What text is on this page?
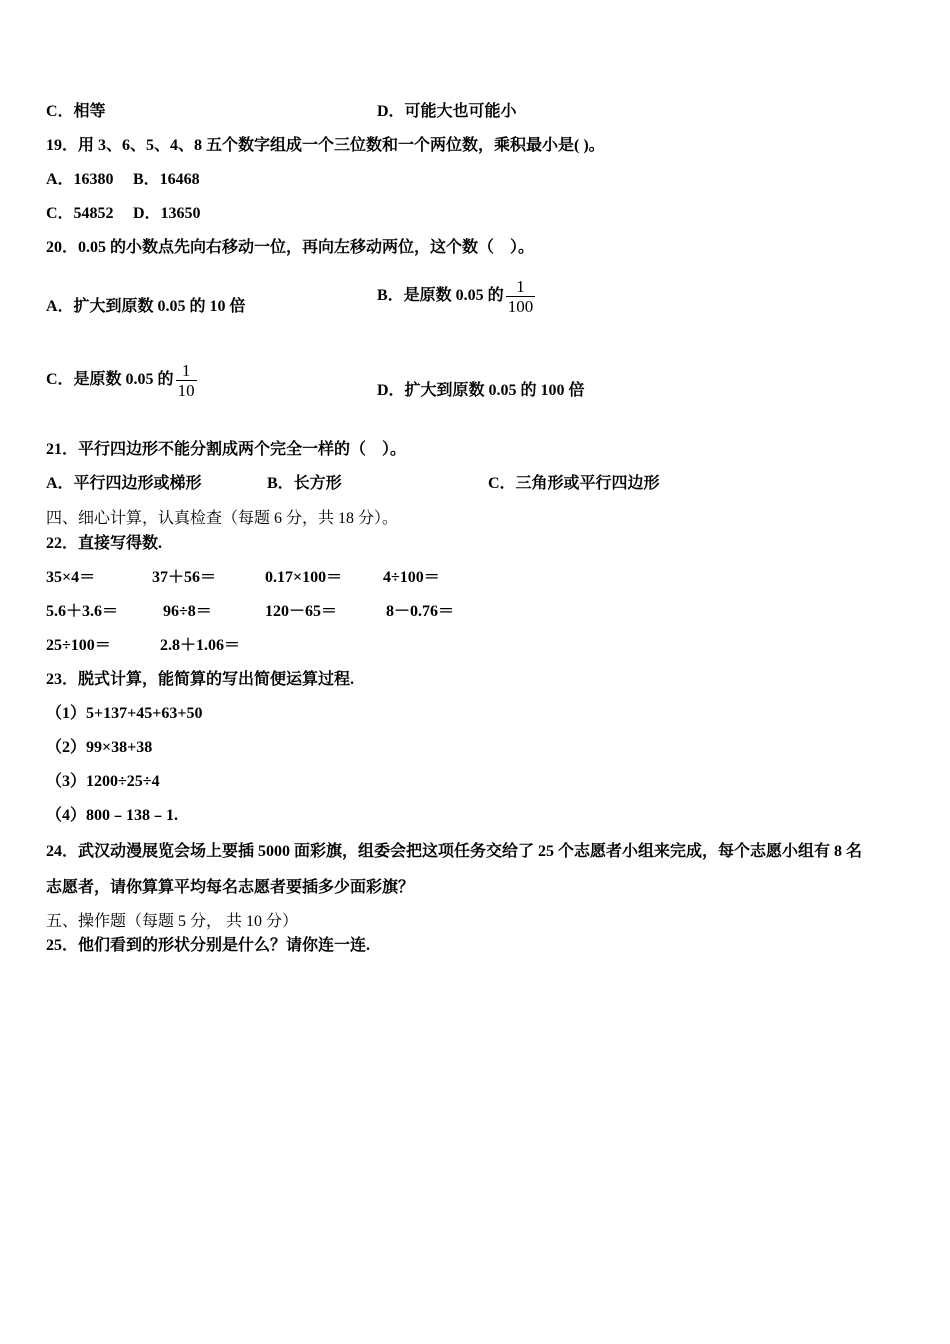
C．相等	D．可能大也可能小
19．用 3、6、5、4、8 五个数字组成一个三位数和一个两位数，乘积最小是( )。
A．16380 B．16468
C．54852 D．13650
20．0.05 的小数点先向右移动一位，再向左移动两位，这个数（　）。
A．扩大到原数 0.05 的 10 倍
B．是原数 0.05 的 $\frac{1}{100}$
C．是原数 0.05 的 $\frac{1}{10}$	D．扩大到原数 0.05 的 100 倍
21．平行四边形不能分割成两个完全一样的（　）。
A．平行四边形或梯形	B．长方形	C．三角形或平行四边形
四、细心计算，认真检查（每题 6 分，共 18 分）。
22．直接写得数.
35×4＝	37＋56＝	0.17×100＝	4÷100＝
5.6＋3.6＝	96÷8＝	120－65＝	8－0.76＝
25÷100＝	2.8＋1.06＝
23．脱式计算，能简算的写出简便运算过程.
（1）5+137+45+63+50
（2）99×38+38
（3）1200÷25÷4
（4）800﹣138﹣1.
24．武汉动漫展览会场上要插 5000 面彩旗，组委会把这项任务交给了 25 个志愿者小组来完成，每个志愿小组有 8 名
志愿者，请你算算平均每名志愿者要插多少面彩旗？
五、操作题（每题 5 分， 共 10 分）
25．他们看到的形状分别是什么？请你连一连.
